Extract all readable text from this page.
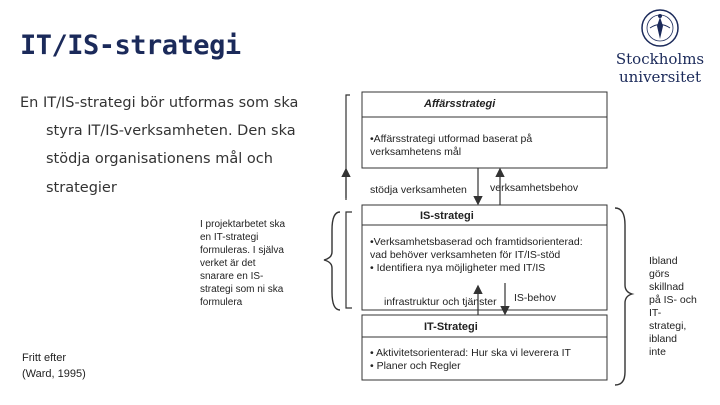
IT/IS-strategi	Stockholms
universitet
En IT/IS-strategi bör utformas som ska
styra IT/IS-verksamheten. Den ska
stödja organisationens mål och
strategier
I projektarbetet ska
en IT-strategi
formuleras. I själva
verket är det
snarare en IS-
strategi som ni ska
formulera
Fritt efter
(Ward, 1995)
Ibland
görs
skillnad
på IS- och
IT-
strategi,
ibland
inte
Affärsstrategi
•Affärsstrategi utformad baserat på
verksamhetens mål
stödja verksamheten verksamhetsbehov
IS-strategi
•Verksamhetsbaserad och framtidsorienterad:
vad behöver verksamheten för IT/IS-stöd
• Identifiera nya möjligheter med IT/IS
infrastruktur och tjänster IS-behov
IT-Strategi
• Aktivitetsorienterad: Hur ska vi leverera IT
• Planer och Regler
